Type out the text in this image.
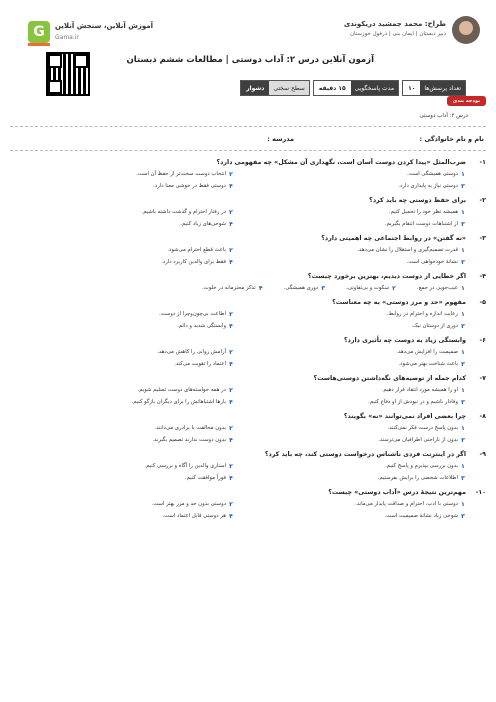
طراح: محمد جمشید دریکوندی
دبیر دبستان | ایمان بنی | ذرفول خوزستان
G	آموزش آنلاین، سنجش آنلاین
Gama.ir
آزمون آنلاین درس ۲: آداب دوستی | مطالعات ششم دبستان
تعداد پرسش‌ها
۱۰
مدت پاسخگویی
۱۵ دقیقه
سطح سختی
دشوار
بودجه بندی
درس ۲: آداب دوستی
نام و نام خانوادگی :
مدرسه :
۱-
ضرب‌المثل «پیدا کردن دوست آسان است، نگهداری آن مشکل» چه مفهومی دارد؟
۱
دوستی همیشگی است.
۲
انتخاب دوست سخت‌تر از حفظ آن است.
۳
دوستی نیاز به پایداری دارد.
۴
دوستی فقط در خوشی معنا دارد.
۲-
برای حفظ دوستی چه باید کرد؟
۱
همیشه نظر خود را تحمیل کنیم.
۲
در رفتار احترام و گذشت داشته باشیم.
۳
از اشتباهات دوست انتقام بگیریم.
۴
شوخی‌های زیاد کنیم.
۳-
«نه گفتن» در روابط اجتماعی چه اهمیتی دارد؟
۱
قدرت تصمیم‌گیری و استقلال را نشان می‌دهد.
۲
باعث قطع احترام می‌شود.
۳
نشانهٔ خودخواهی است.
۴
فقط برای والدین کاربرد دارد.
۴-
اگر خطایی از دوست دیدیم، بهترین برخورد چیست؟
۱
عیب‌جویی در جمع.
۲
سکوت و بی‌تفاوتی.
۳
دوری همیشگی.
۴
تذکر محترمانه در خلوت.
۵-
مفهوم «حد و مرز دوستی» به چه معناست؟
۱
رعایت اندازه و احترام در روابط.
۲
اطاعت بی‌چون‌وچرا از دوست.
۳
دوری از دوستان نیک.
۴
وابستگی شدید و دائم.
۶-
وابستگی زیاد به دوست چه تأثیری دارد؟
۱
صمیمیت را افزایش می‌دهد.
۲
آرامش روانی را کاهش می‌دهد.
۳
باعث شناخت بهتر می‌شود.
۴
اعتماد را تقویت می‌کند.
۷-
کدام جمله از توصیه‌های نگه‌داشتن دوستی‌هاست؟
۱
او را همیشه مورد انتقاد قرار دهیم.
۲
در همه خواسته‌های دوست تسلیم شویم.
۳
وفادار باشیم و در نبودش از او دفاع کنیم.
۴
بارها اشتباهاتش را برای دیگران بازگو کنیم.
۸-
چرا بعضی افراد نمی‌توانند «نه» بگویند؟
۱
بدون پاسخ درست فکر نمی‌کنند.
۲
بدون مخالفت با برادری می‌دانند.
۳
بدون از ناراحتی اطرافیان می‌ترسند.
۴
بدون دوست ندارند تصمیم بگیرند.
۹-
اگر در اینترنت فردی ناشناس درخواست دوستی کند، چه باید کرد؟
۱
بدون بررسی بپذیرم و پاسخ کنیم.
۲
اسناری والدین را آگاه و بررسی کنیم.
۳
اطلاعات شخصی را برایش بفرستیم.
۴
فوراً موافقت کنیم.
۱۰-
مهم‌ترین نتیجهٔ درس «آداب دوستی» چیست؟
۱
دوستی با ادب، احترام و صداقت پایدار می‌ماند.
۲
دوستی بدون حد و مرز بهتر است.
۳
شوخی زیاد نشانهٔ صمیمیت است.
۴
هر دوستی قابل اعتماد است.
